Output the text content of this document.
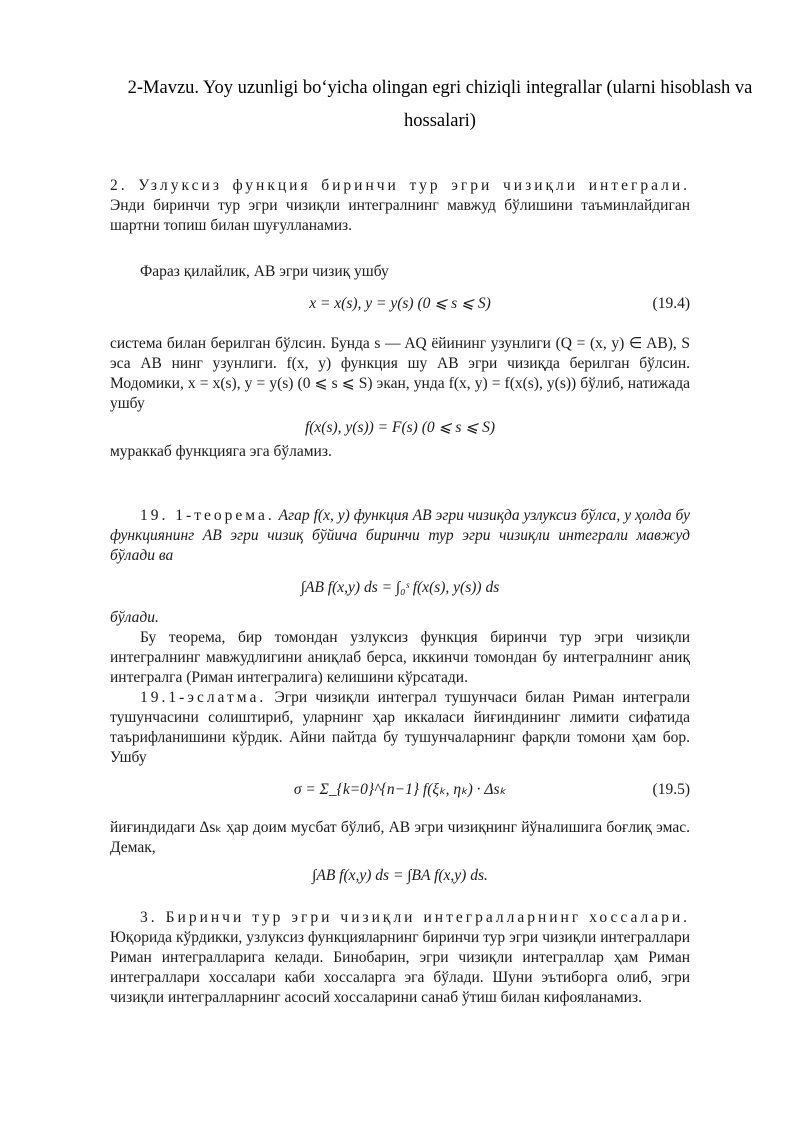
2-Mavzu. Yoy uzunligi bo‘yicha olingan egri chiziqli integrallar (ularni hisoblash va hossalari)

2. Узлуксиз функция биринчи тур эгри чизиқли интеграли. Энди биринчи тур эгри чизиқли интегралнинг мавжуд бўлишини таъминлайдиган шартни топиш билан шуғулланамиз.

Фараз қилайлик, AB эгри чизиқ ушбу

x = x(s), y = y(s) (0 ⩽ s ⩽ S)	(19.4)

система билан берилган бўлсин. Бунда s — AQ ёйининг узунлиги (Q = (x, y) ∈ AB), S эса AB нинг узунлиги. f(x, y) функция шу AB эгри чизиқда берилган бўлсин. Модомики, x = x(s), y = y(s) (0 ⩽ s ⩽ S) экан, унда f(x, y) = f(x(s), y(s)) бўлиб, натижада ушбу

f(x(s), y(s)) = F(s) (0 ⩽ s ⩽ S)

мураккаб функцияга эга бўламиз.

19. 1-теорема. Агар f(x, y) функция AB эгри чизиқда узлуксиз бўлса, у ҳолда бу функциянинг AB эгри чизиқ бўйича биринчи тур эгри чизиқли интеграли мавжуд бўлади ва

∫AB f(x,y) ds = ∫₀ˢ f(x(s), y(s)) ds

бўлади.

Бу теорема, бир томондан узлуксиз функция биринчи тур эгри чизиқли интегралнинг мавжудлигини аниқлаб берса, иккинчи томондан бу интегралнинг аниқ интегралга (Риман интегралига) келишини кўрсатади.

19.1-эслатма. Эгри чизиқли интеграл тушунчаси билан Риман интеграли тушунчасини солиштириб, уларнинг ҳар иккаласи йиғиндининг лимити сифатида таърифланишини кўрдик. Айни пайтда бу тушунчаларнинг фарқли томони ҳам бор. Ушбу

σ = Σ_{k=0}^{n−1} f(ξₖ, ηₖ) · Δsₖ	(19.5)

йиғиндидаги Δsₖ ҳар доим мусбат бўлиб, AB эгри чизиқнинг йўналишига боғлиқ эмас. Демак,

∫AB f(x,y) ds = ∫BA f(x,y) ds.

3. Биринчи тур эгри чизиқли интегралларнинг хоссалари. Юқорида кўрдикки, узлуксиз функцияларнинг биринчи тур эгри чизиқли интеграллари Риман интегралларига келади. Бинобарин, эгри чизиқли интеграллар ҳам Риман интеграллари хоссалари каби хоссаларга эга бўлади. Шуни эътиборга олиб, эгри чизиқли интегралларнинг асосий хоссаларини санаб ўтиш билан кифояланамиз.
